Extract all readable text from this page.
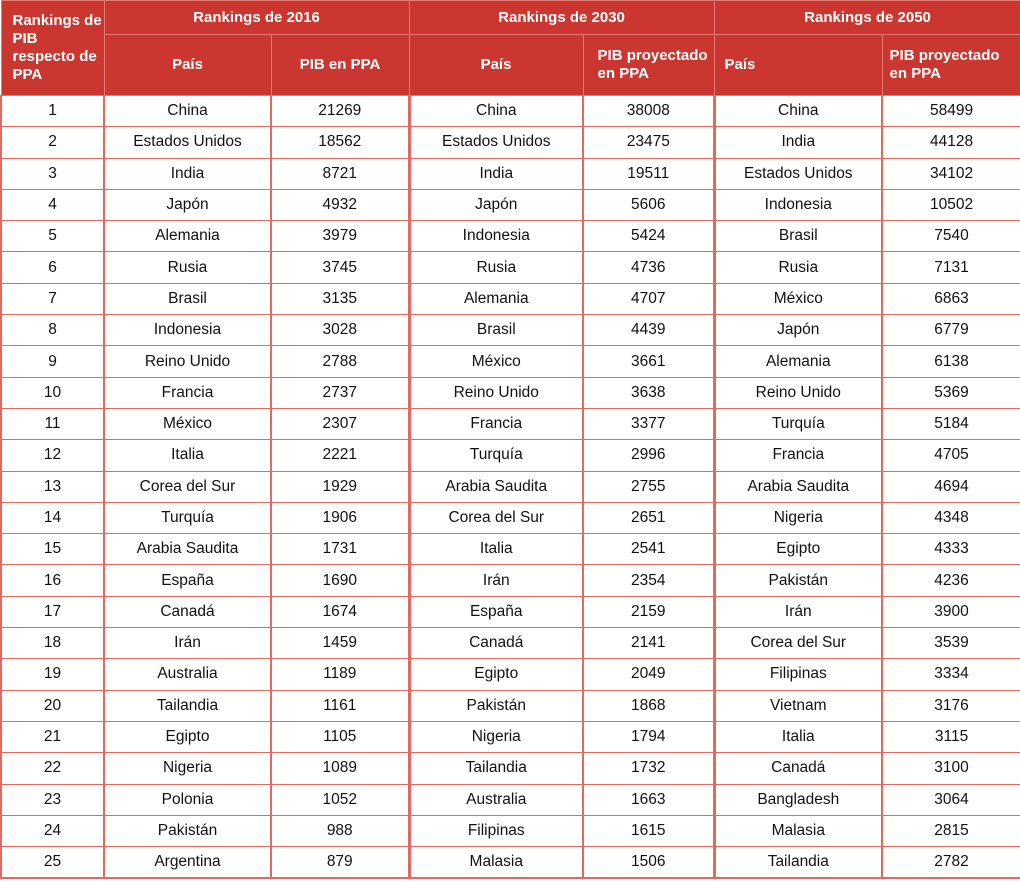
Rankings de PIB respecto de PPA	Rankings de 2016		Rankings de 2030		Rankings de 2050	
	País	PIB en PPA	País	PIB proyectado en PPA	País	PIB proyectado en PPA
1	China	21269	China	38008	China	58499
2	Estados Unidos	18562	Estados Unidos	23475	India	44128
3	India	8721	India	19511	Estados Unidos	34102
4	Japón	4932	Japón	5606	Indonesia	10502
5	Alemania	3979	Indonesia	5424	Brasil	7540
6	Rusia	3745	Rusia	4736	Rusia	7131
7	Brasil	3135	Alemania	4707	México	6863
8	Indonesia	3028	Brasil	4439	Japón	6779
9	Reino Unido	2788	México	3661	Alemania	6138
10	Francia	2737	Reino Unido	3638	Reino Unido	5369
11	México	2307	Francia	3377	Turquía	5184
12	Italia	2221	Turquía	2996	Francia	4705
13	Corea del Sur	1929	Arabia Saudita	2755	Arabia Saudita	4694
14	Turquía	1906	Corea del Sur	2651	Nigeria	4348
15	Arabia Saudita	1731	Italia	2541	Egipto	4333
16	España	1690	Irán	2354	Pakistán	4236
17	Canadá	1674	España	2159	Irán	3900
18	Irán	1459	Canadá	2141	Corea del Sur	3539
19	Australia	1189	Egipto	2049	Filipinas	3334
20	Tailandia	1161	Pakistán	1868	Vietnam	3176
21	Egipto	1105	Nigeria	1794	Italia	3115
22	Nigeria	1089	Tailandia	1732	Canadá	3100
23	Polonia	1052	Australia	1663	Bangladesh	3064
24	Pakistán	988	Filipinas	1615	Malasia	2815
25	Argentina	879	Malasia	1506	Tailandia	2782
